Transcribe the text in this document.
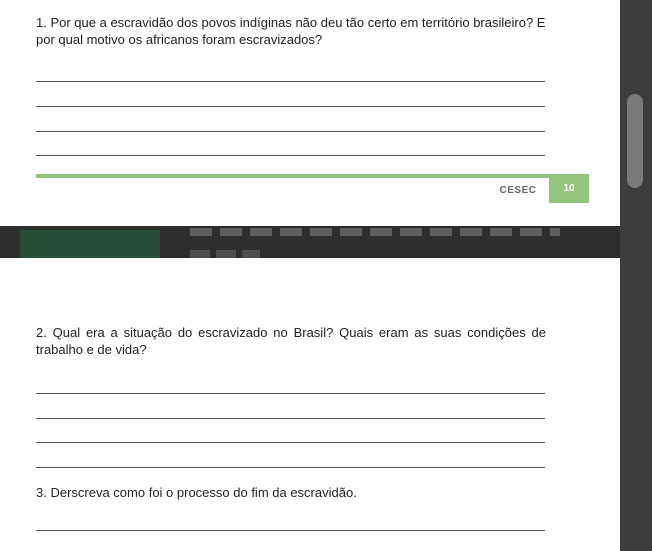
1. Por que a escravidão dos povos indíginas não deu tão certo em território brasileiro? E por qual motivo os africanos foram escravizados?
CESEC	10
2. Qual era a situação do escravizado no Brasil? Quais eram as suas condições de trabalho e de vida?
3. Derscreva como foi o processo do fim da escravidão.
